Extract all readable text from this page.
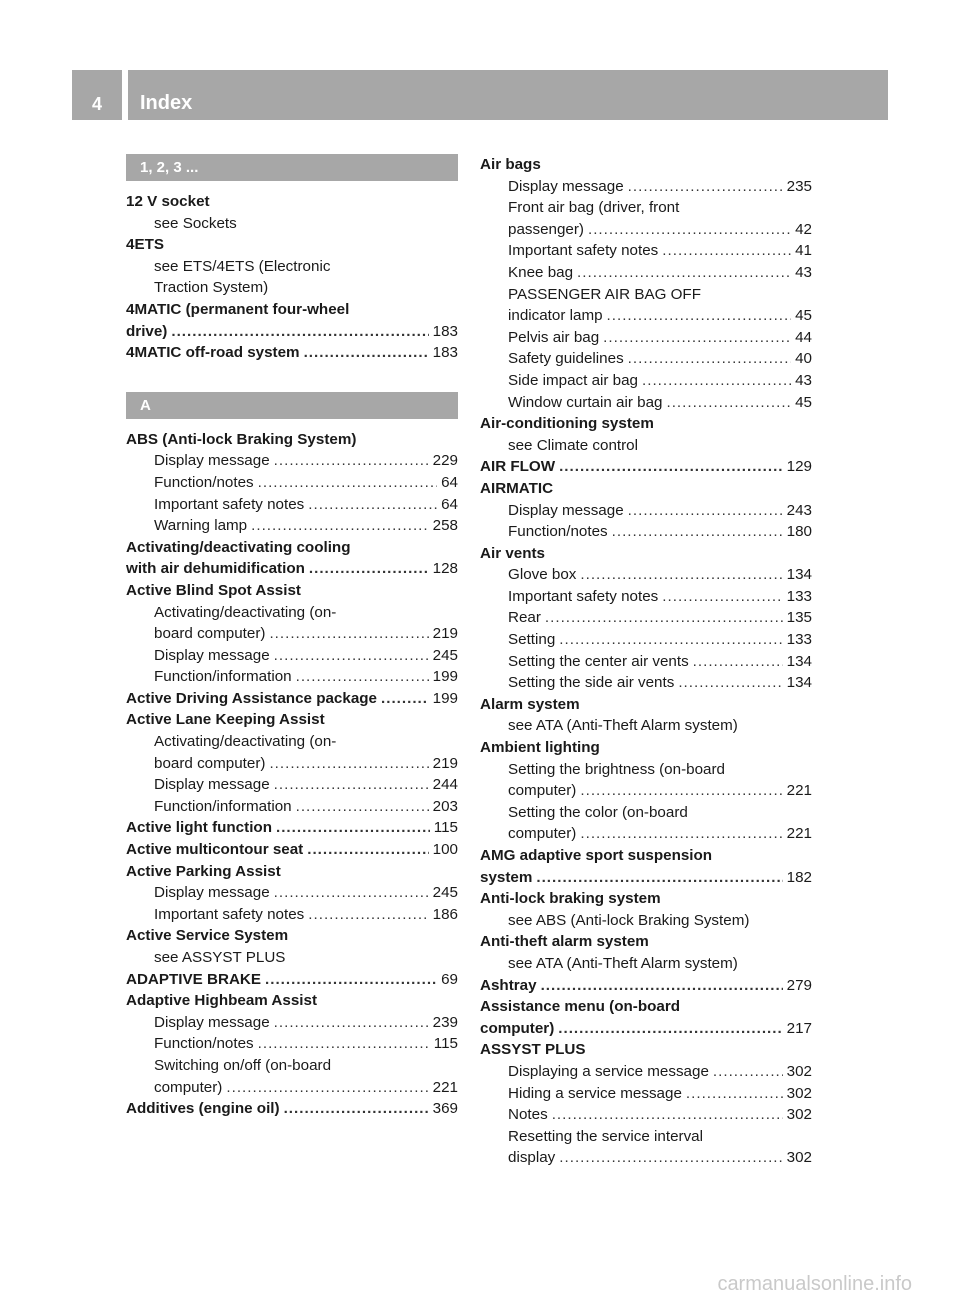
4	Index
1, 2, 3 ...
12 V socket
see Sockets
4ETS
see ETS/4ETS (Electronic
Traction System)
4MATIC (permanent four-wheel
drive) .....	183
4MATIC off-road system .....	183
A
ABS (Anti-lock Braking System)
Display message .....	229
Function/notes .....	64
Important safety notes .....	64
Warning lamp .....	258
Activating/deactivating cooling
with air dehumidification .....	128
Active Blind Spot Assist
Activating/deactivating (on-
board computer) .....	219
Display message .....	245
Function/information .....	199
Active Driving Assistance package .....	199
Active Lane Keeping Assist
Activating/deactivating (on-
board computer) .....	219
Display message .....	244
Function/information .....	203
Active light function .....	115
Active multicontour seat .....	100
Active Parking Assist
Display message .....	245
Important safety notes .....	186
Active Service System
see ASSYST PLUS
ADAPTIVE BRAKE .....	69
Adaptive Highbeam Assist
Display message .....	239
Function/notes .....	115
Switching on/off (on-board
computer) .....	221
Additives (engine oil) .....	369
Air bags
Display message .....	235
Front air bag (driver, front
passenger) .....	42
Important safety notes .....	41
Knee bag .....	43
PASSENGER AIR BAG OFF
indicator lamp .....	45
Pelvis air bag .....	44
Safety guidelines .....	40
Side impact air bag .....	43
Window curtain air bag .....	45
Air-conditioning system
see Climate control
AIR FLOW .....	129
AIRMATIC
Display message .....	243
Function/notes .....	180
Air vents
Glove box .....	134
Important safety notes .....	133
Rear .....	135
Setting .....	133
Setting the center air vents .....	134
Setting the side air vents .....	134
Alarm system
see ATA (Anti-Theft Alarm system)
Ambient lighting
Setting the brightness (on-board
computer) .....	221
Setting the color (on-board
computer) .....	221
AMG adaptive sport suspension
system .....	182
Anti-lock braking system
see ABS (Anti-lock Braking System)
Anti-theft alarm system
see ATA (Anti-Theft Alarm system)
Ashtray .....	279
Assistance menu (on-board
computer) .....	217
ASSYST PLUS
Displaying a service message .....	302
Hiding a service message .....	302
Notes .....	302
Resetting the service interval
display .....	302
carmanualsonline.info
